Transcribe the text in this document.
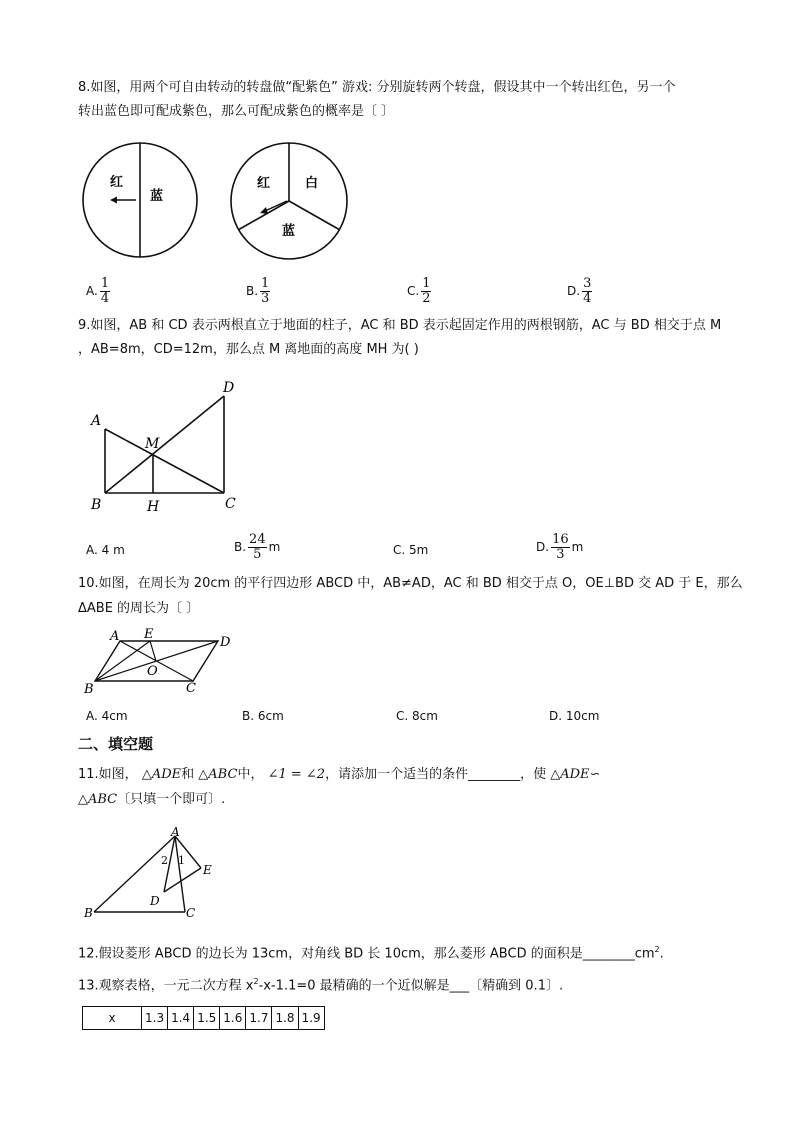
8.如图，用两个可自由转动的转盘做“配紫色” 游戏: 分别旋转两个转盘，假设其中一个转出红色，另一个
转出蓝色即可配成紫色，那么可配成紫色的概率是〔 〕
红
蓝
红	白
蓝
A. $\frac{1}{4}$	B. $\frac{1}{3}$	C. $\frac{1}{2}$	D. $\frac{3}{4}$
9.如图，AB 和 CD 表示两根直立于地面的柱子，AC 和 BD 表示起固定作用的两根钢筋，AC 与 BD 相交于点 M
，AB=8m，CD=12m，那么点 M 离地面的高度 MH 为( )
A
B	C
D
M
H
A. 4 m	B. $\frac{24}{5}$ m	C. 5m	D. $\frac{16}{3}$ m
10.如图，在周长为 20cm 的平行四边形 ABCD 中，AB≠AD，AC 和 BD 相交于点 O，OE⊥BD 交 AD 于 E，那么
ΔABE 的周长为〔 〕
A E
D
B	C
O
A. 4cm	B. 6cm	C. 8cm	D. 10cm
二、填空题
11.如图， △ADE和 △ABC中， ∠1 = ∠2，请添加一个适当的条件________，使 △ADE∽
△ABC〔只填一个即可〕.
A
B	C
D
E
1
2
12.假设菱形 ABCD 的边长为 13cm，对角线 BD 长 10cm，那么菱形 ABCD 的面积是$\_\_\_\_\_\_\_\_cm^2$.
13.观察表格，一元二次方程 $x^2-x-1.1=0$ 最精确的一个近似解是___〔精确到 0.1〕.
x	1.3	1.4	1.5	1.6	1.7	1.8	1.9
